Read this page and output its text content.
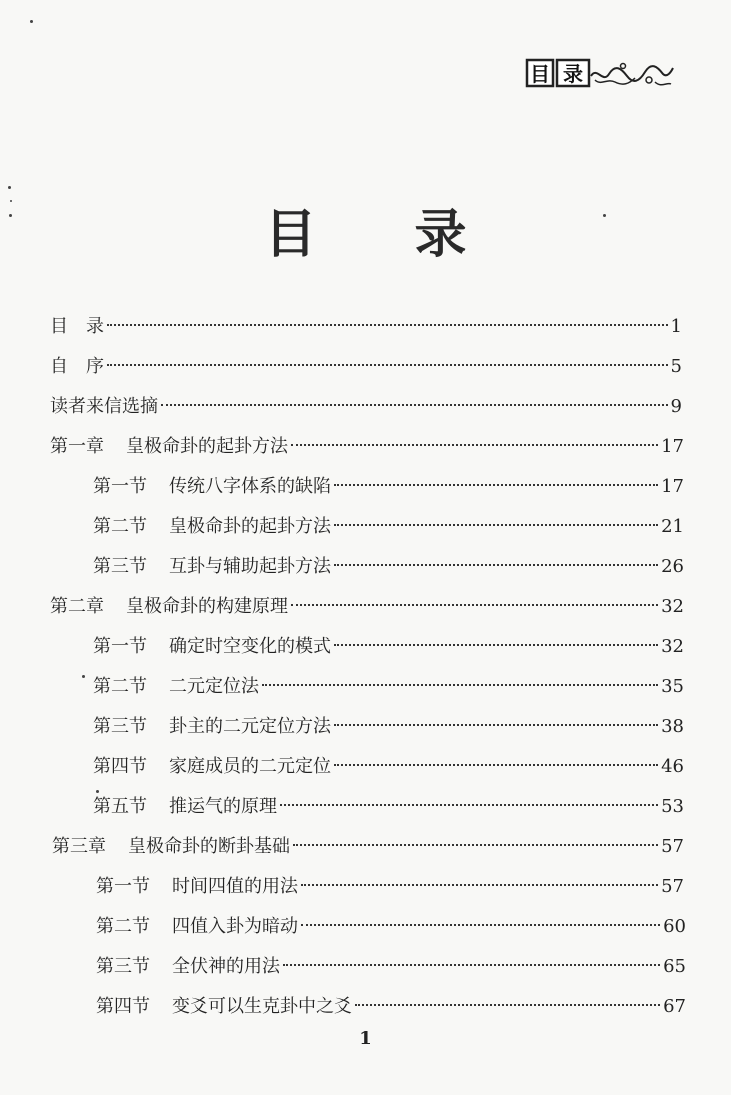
目 录
目 录
目　录	1
自　序	5
读者来信选摘	9
第一章 皇极命卦的起卦方法	17
第一节 传统八字体系的缺陷	17
第二节 皇极命卦的起卦方法	21
第三节 互卦与辅助起卦方法	26
第二章 皇极命卦的构建原理	32
第一节 确定时空变化的模式	32
第二节 二元定位法	35
第三节 卦主的二元定位方法	38
第四节 家庭成员的二元定位	46
第五节 推运气的原理	53
第三章 皇极命卦的断卦基础	57
第一节 时间四值的用法	57
第二节 四值入卦为暗动	60
第三节 全伏神的用法	65
第四节 变爻可以生克卦中之爻	67
1
